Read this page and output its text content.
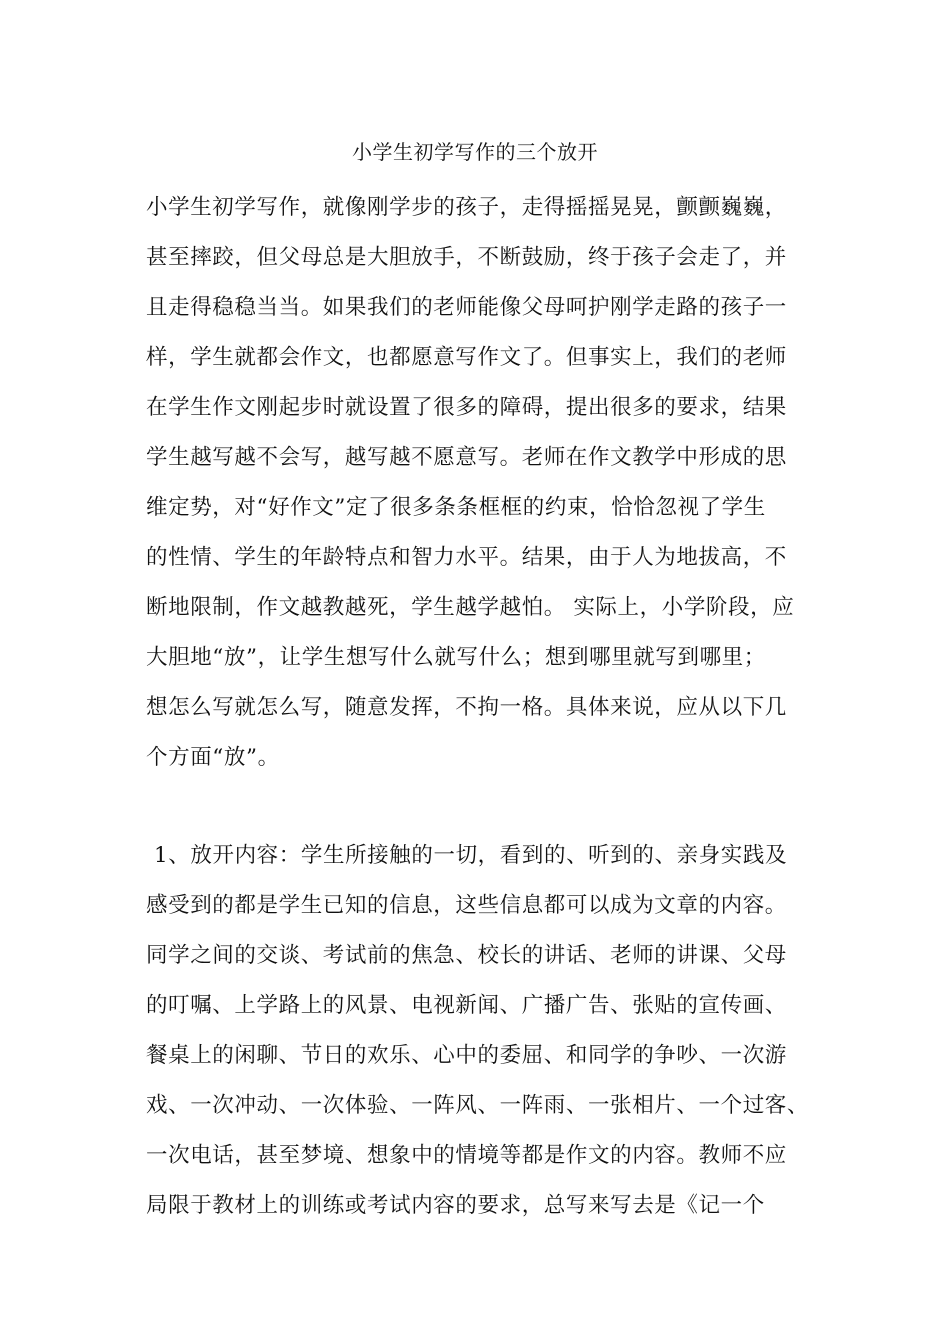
小学生初学写作的三个放开
小学生初学写作，就像刚学步的孩子，走得摇摇晃晃，颤颤巍巍，
甚至摔跤，但父母总是大胆放手，不断鼓励，终于孩子会走了，并
且走得稳稳当当。如果我们的老师能像父母呵护刚学走路的孩子一
样，学生就都会作文，也都愿意写作文了。但事实上，我们的老师
在学生作文刚起步时就设置了很多的障碍，提出很多的要求，结果
学生越写越不会写，越写越不愿意写。老师在作文教学中形成的思
维定势，对“好作文”定了很多条条框框的约束，恰恰忽视了学生
的性情、学生的年龄特点和智力水平。结果，由于人为地拔高，不
断地限制，作文越教越死，学生越学越怕。 实际上，小学阶段，应
大胆地“放”，让学生想写什么就写什么；想到哪里就写到哪里；
想怎么写就怎么写，随意发挥，不拘一格。具体来说，应从以下几
个方面“放”。
1、放开内容：学生所接触的一切，看到的、听到的、亲身实践及
感受到的都是学生已知的信息，这些信息都可以成为文章的内容。
同学之间的交谈、考试前的焦急、校长的讲话、老师的讲课、父母
的叮嘱、上学路上的风景、电视新闻、广播广告、张贴的宣传画、
餐桌上的闲聊、节日的欢乐、心中的委屈、和同学的争吵、一次游
戏、一次冲动、一次体验、一阵风、一阵雨、一张相片、一个过客、
一次电话，甚至梦境、想象中的情境等都是作文的内容。教师不应
局限于教材上的训练或考试内容的要求，总写来写去是《记一个
